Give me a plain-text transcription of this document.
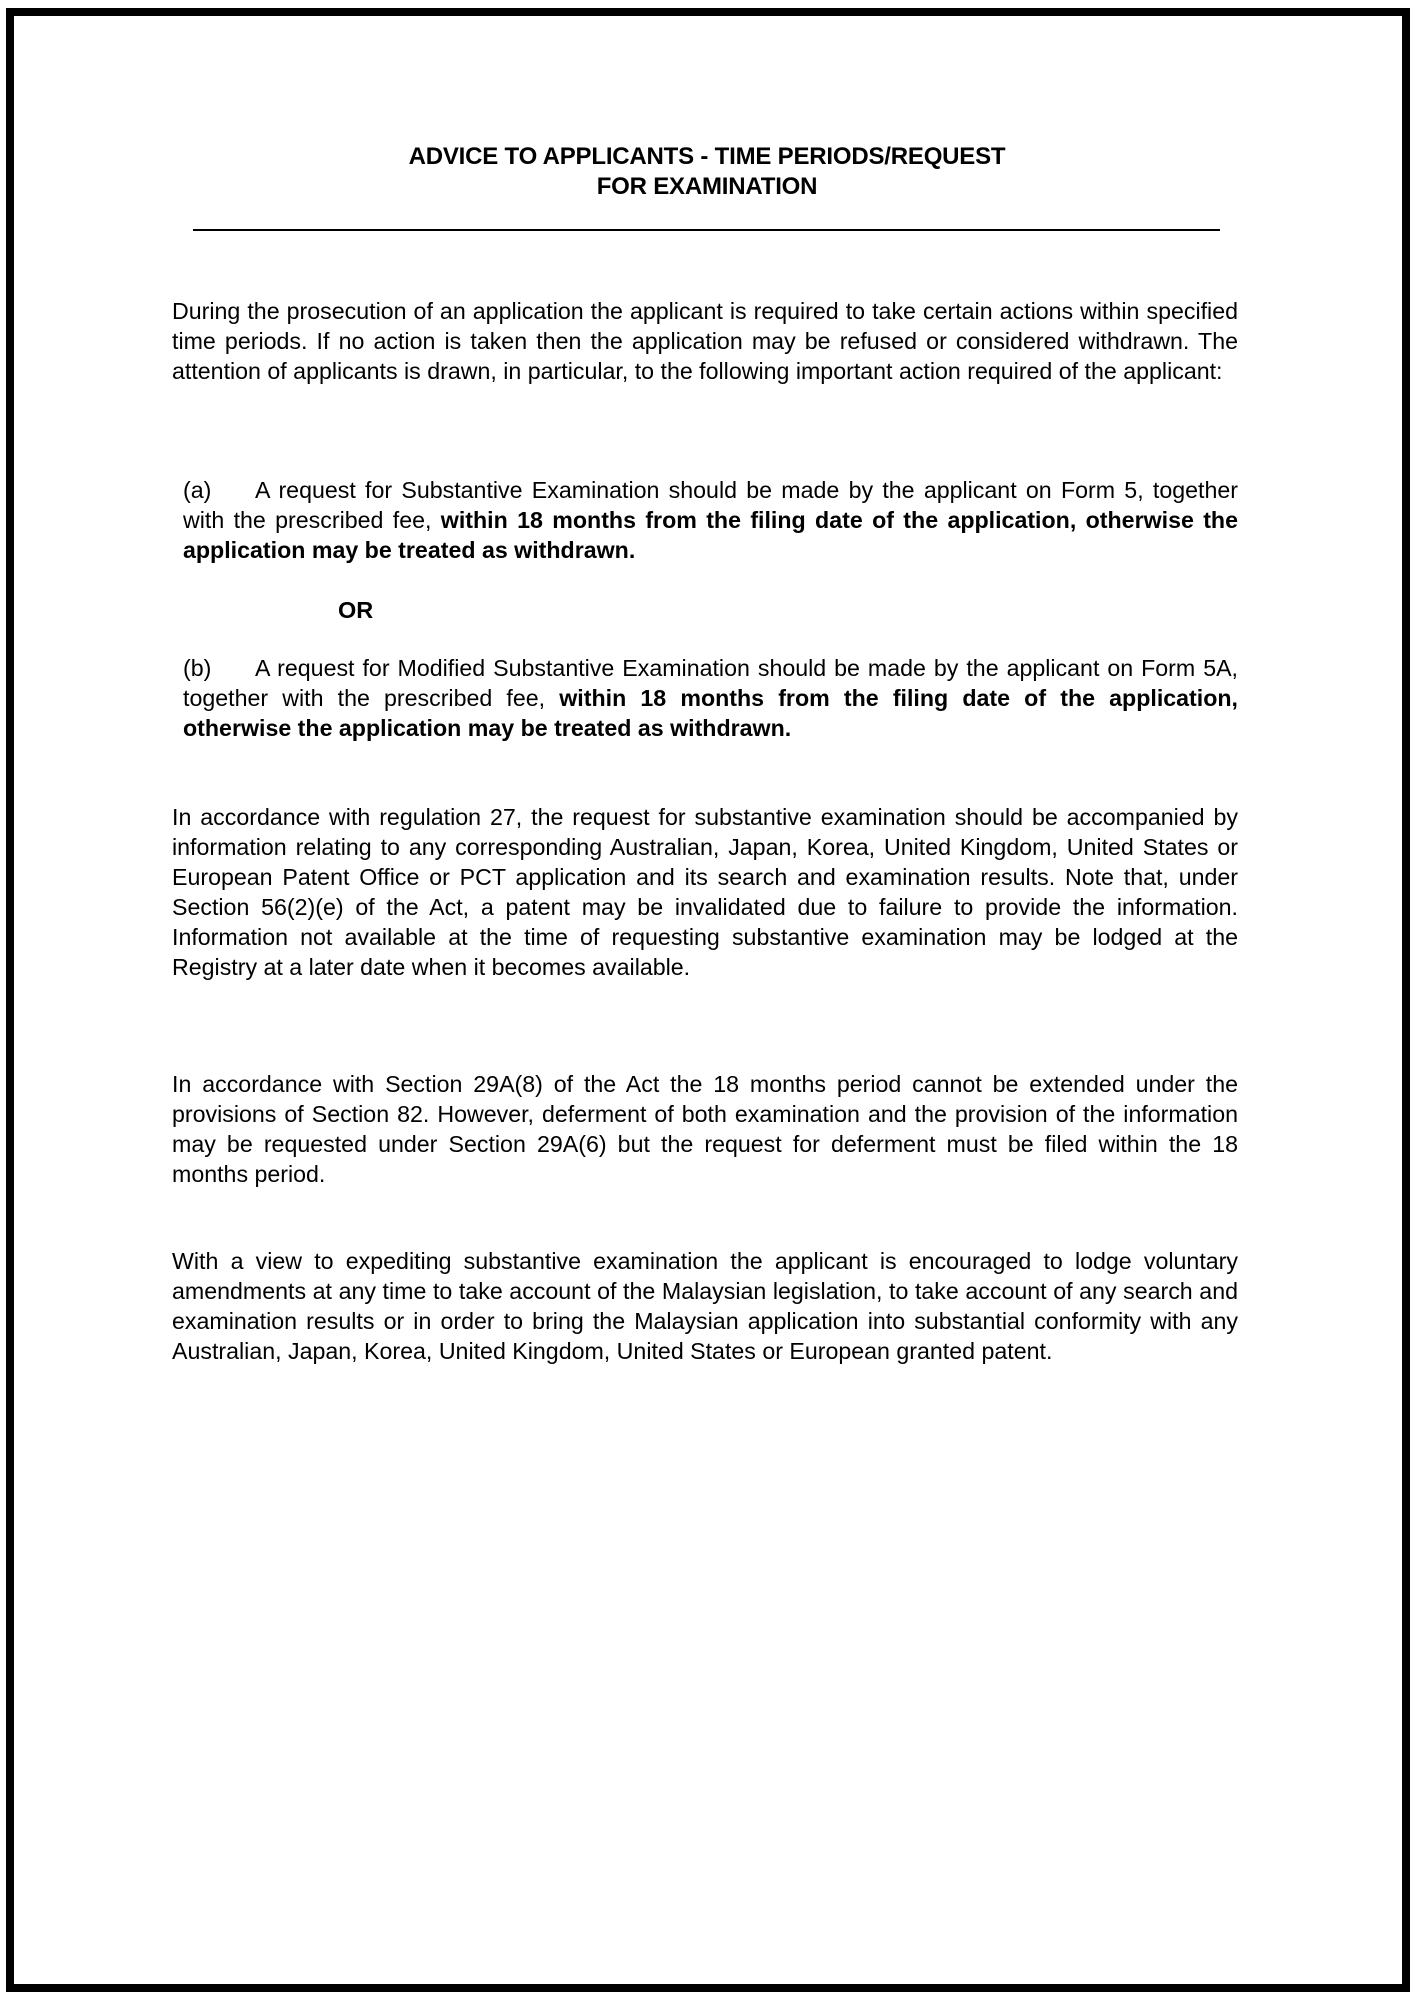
ADVICE TO APPLICANTS - TIME PERIODS/REQUEST
FOR EXAMINATION

During the prosecution of an application the applicant is required to take certain actions within specified time periods. If no action is taken then the application may be refused or considered withdrawn. The attention of applicants is drawn, in particular, to the following important action required of the applicant:

(a) A request for Substantive Examination should be made by the applicant on Form 5, together with the prescribed fee, within 18 months from the filing date of the application, otherwise the application may be treated as withdrawn.

OR

(b) A request for Modified Substantive Examination should be made by the applicant on Form 5A, together with the prescribed fee, within 18 months from the filing date of the application, otherwise the application may be treated as withdrawn.

In accordance with regulation 27, the request for substantive examination should be accompanied by information relating to any corresponding Australian, Japan, Korea, United Kingdom, United States or European Patent Office or PCT application and its search and examination results. Note that, under Section 56(2)(e) of the Act, a patent may be invalidated due to failure to provide the information. Information not available at the time of requesting substantive examination may be lodged at the Registry at a later date when it becomes available.

In accordance with Section 29A(8) of the Act the 18 months period cannot be extended under the provisions of Section 82. However, deferment of both examination and the provision of the information may be requested under Section 29A(6) but the request for deferment must be filed within the 18 months period.

With a view to expediting substantive examination the applicant is encouraged to lodge voluntary amendments at any time to take account of the Malaysian legislation, to take account of any search and examination results or in order to bring the Malaysian application into substantial conformity with any Australian, Japan, Korea, United Kingdom, United States or European granted patent.
